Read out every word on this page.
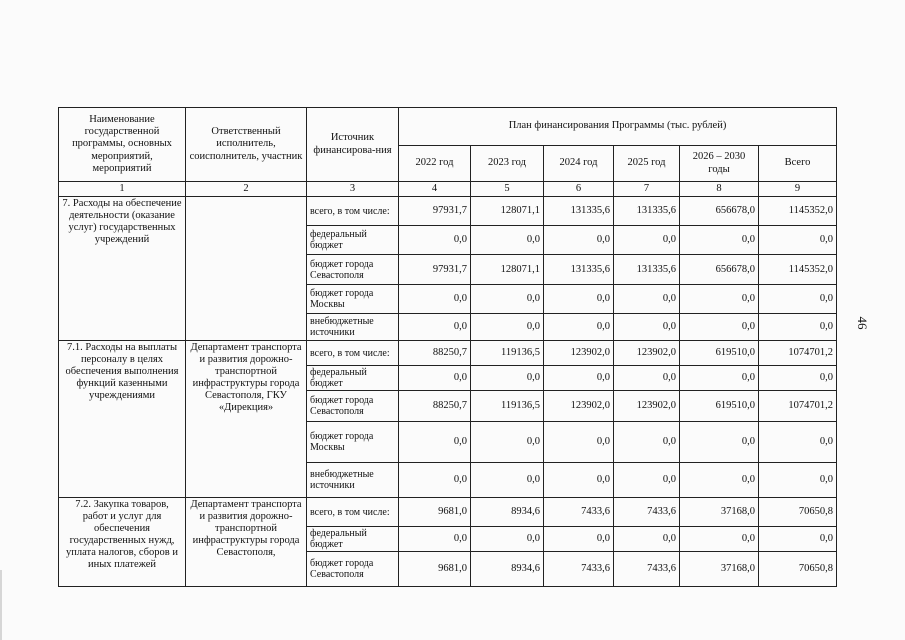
46
Наименование государственной программы, основных мероприятий, мероприятий	Ответственный исполнитель, соисполнитель, участник	Источник финансирова-ния	План финансирования Программы (тыс. рублей)					
			2022 год	2023 год	2024 год	2025 год	2026 – 2030 годы	Всего
1	2	3	4	5	6	7	8	9
7. Расходы на обеспечение деятельности (оказание услуг) государственных учреждений		всего, в том числе:	97931,7	128071,1	131335,6	131335,6	656678,0	1145352,0
		федеральный бюджет	0,0	0,0	0,0	0,0	0,0	0,0
		бюджет города Севастополя	97931,7	128071,1	131335,6	131335,6	656678,0	1145352,0
		бюджет города Москвы	0,0	0,0	0,0	0,0	0,0	0,0
		внебюджетные источники	0,0	0,0	0,0	0,0	0,0	0,0
7.1. Расходы на выплаты персоналу в целях обеспечения выполнения функций казенными учреждениями	Департамент транспорта и развития дорожно-транспортной инфраструктуры города Севастополя, ГКУ «Дирекция»	всего, в том числе:	88250,7	119136,5	123902,0	123902,0	619510,0	1074701,2
		федеральный бюджет	0,0	0,0	0,0	0,0	0,0	0,0
		бюджет города Севастополя	88250,7	119136,5	123902,0	123902,0	619510,0	1074701,2
		бюджет города Москвы	0,0	0,0	0,0	0,0	0,0	0,0
		внебюджетные источники	0,0	0,0	0,0	0,0	0,0	0,0
7.2. Закупка товаров, работ и услуг для обеспечения государственных нужд, уплата налогов, сборов и иных платежей	Департамент транспорта и развития дорожно-транспортной инфраструктуры города Севастополя,	всего, в том числе:	9681,0	8934,6	7433,6	7433,6	37168,0	70650,8
		федеральный бюджет	0,0	0,0	0,0	0,0	0,0	0,0
		бюджет города Севастополя	9681,0	8934,6	7433,6	7433,6	37168,0	70650,8
